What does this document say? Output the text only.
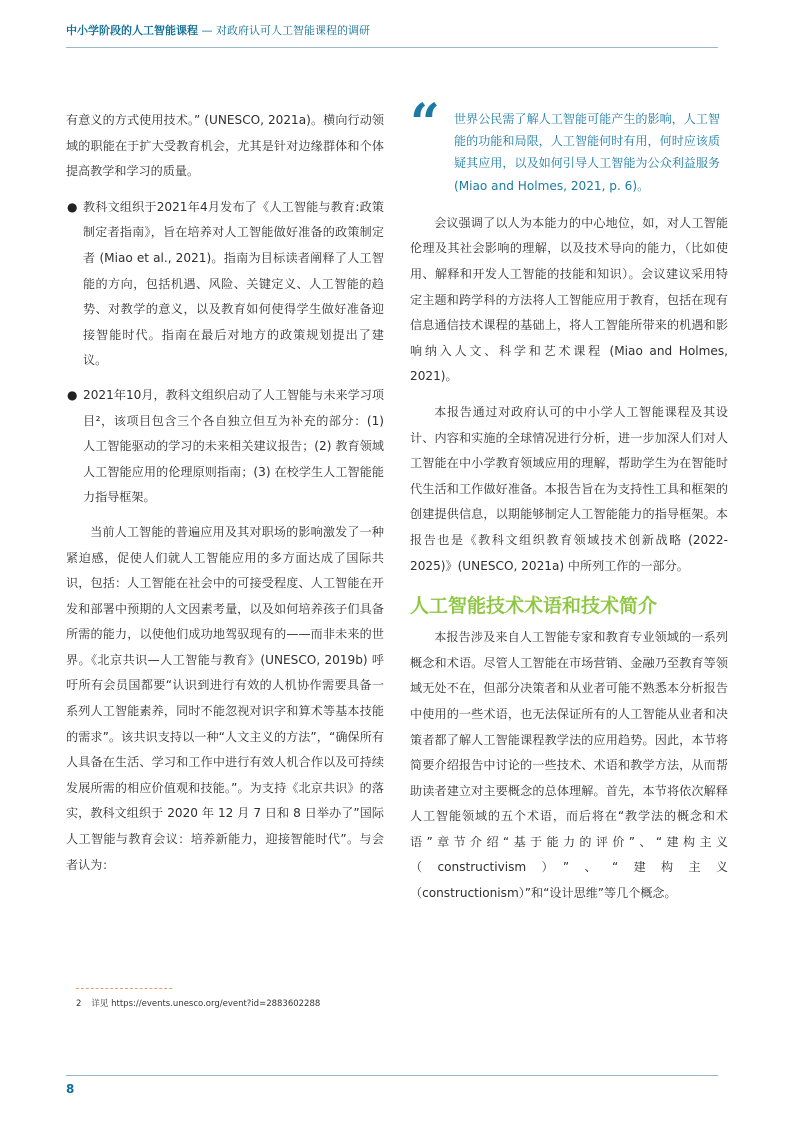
中小学阶段的人工智能课程 — 对政府认可人工智能课程的调研

有意义的方式使用技术。” (UNESCO, 2021a)。横向行动领域的职能在于扩大受教育机会，尤其是针对边缘群体和个体提高教学和学习的质量。

● 教科文组织于2021年4月发布了《人工智能与教育:政策制定者指南》，旨在培养对人工智能做好准备的政策制定者 (Miao et al., 2021)。指南为目标读者阐释了人工智能的方向，包括机遇、风险、关键定义、人工智能的趋势、对教学的意义，以及教育如何使得学生做好准备迎接智能时代。指南在最后对地方的政策规划提出了建议。
● 2021年10月，教科文组织启动了人工智能与未来学习项目²，该项目包含三个各自独立但互为补充的部分：(1) 人工智能驱动的学习的未来相关建议报告；(2) 教育领域人工智能应用的伦理原则指南；(3) 在校学生人工智能能力指导框架。

当前人工智能的普遍应用及其对职场的影响激发了一种紧迫感，促使人们就人工智能应用的多方面达成了国际共识，包括：人工智能在社会中的可接受程度、人工智能在开发和部署中预期的人文因素考量，以及如何培养孩子们具备所需的能力，以使他们成功地驾驭现有的——而非未来的世界。《北京共识—人工智能与教育》(UNESCO, 2019b) 呼吁所有会员国都要“认识到进行有效的人机协作需要具备一系列人工智能素养，同时不能忽视对识字和算术等基本技能的需求”。该共识支持以一种“人文主义的方法”，“确保所有人具备在生活、学习和工作中进行有效人机合作以及可持续发展所需的相应价值观和技能。”。为支持《北京共识》的落实，教科文组织于 2020 年 12 月 7 日和 8 日举办了”国际人工智能与教育会议：培养新能力，迎接智能时代”。与会者认为：

“ 世界公民需了解人工智能可能产生的影响，人工智能的功能和局限，人工智能何时有用，何时应该质疑其应用，以及如何引导人工智能为公众利益服务 (Miao and Holmes, 2021, p. 6)。

会议强调了以人为本能力的中心地位，如，对人工智能伦理及其社会影响的理解，以及技术导向的能力，（比如使用、解释和开发人工智能的技能和知识）。会议建议采用特定主题和跨学科的方法将人工智能应用于教育，包括在现有信息通信技术课程的基础上，将人工智能所带来的机遇和影响纳入人文、科学和艺术课程 (Miao and Holmes, 2021)。

本报告通过对政府认可的中小学人工智能课程及其设计、内容和实施的全球情况进行分析，进一步加深人们对人工智能在中小学教育领域应用的理解，帮助学生为在智能时代生活和工作做好准备。本报告旨在为支持性工具和框架的创建提供信息，以期能够制定人工智能能力的指导框架。本报告也是《教科文组织教育领域技术创新战略 (2022-2025)》(UNESCO, 2021a) 中所列工作的一部分。

人工智能技术术语和技术简介

本报告涉及来自人工智能专家和教育专业领域的一系列概念和术语。尽管人工智能在市场营销、金融乃至教育等领域无处不在，但部分决策者和从业者可能不熟悉本分析报告中使用的一些术语，也无法保证所有的人工智能从业者和决策者都了解人工智能课程教学法的应用趋势。因此，本节将简要介绍报告中讨论的一些技术、术语和教学方法，从而帮助读者建立对主要概念的总体理解。首先，本节将依次解释人工智能领域的五个术语，而后将在“教学法的概念和术语”章节介绍“基于能力的评价”、“建构主义（constructivism）”、“建构主义（constructionism）”和“设计思维”等几个概念。

2 详见 https://events.unesco.org/event?id=2883602288
8
